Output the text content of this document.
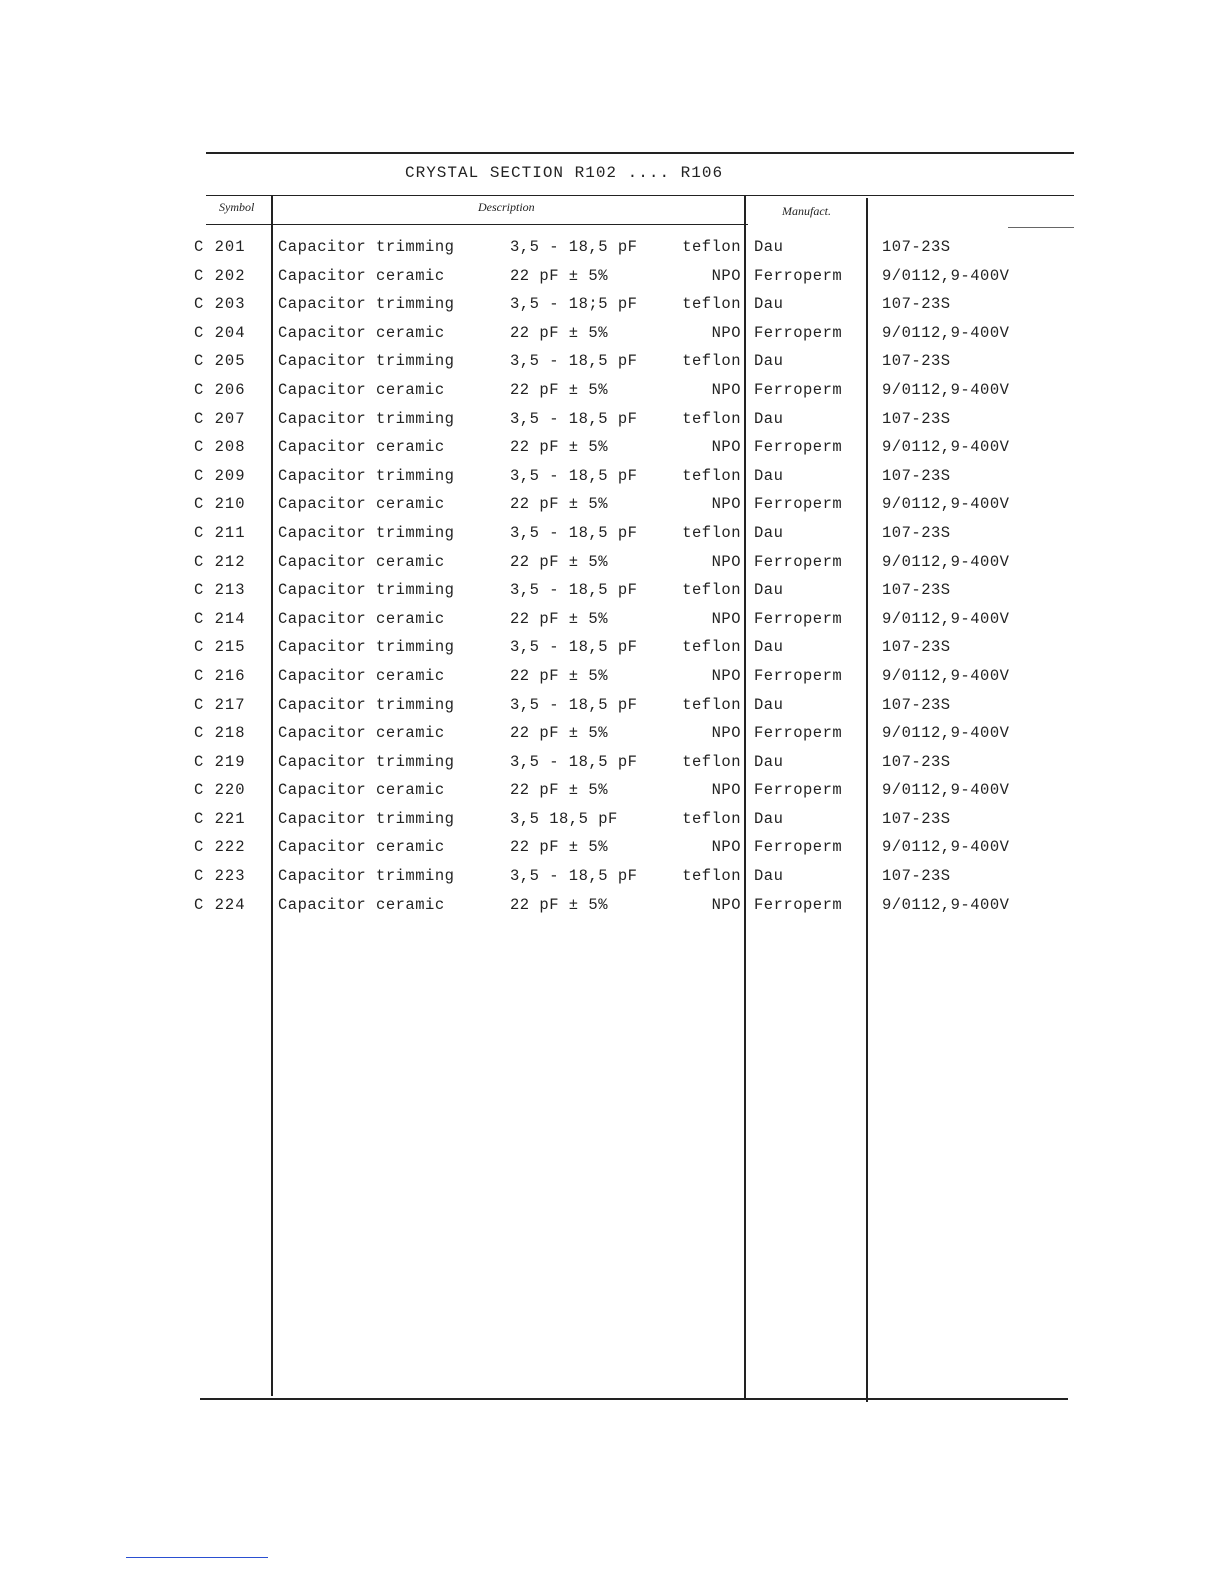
CRYSTAL SECTION R102 .... R106
Symbol	Description	Manufact.
C 201 Capacitor trimming	3,5 - 18,5 pF	teflon Dau	107-23S
C 202 Capacitor ceramic	22 pF ± 5%	NPO Ferroperm	9/0112,9-400V
C 203 Capacitor trimming	3,5 - 18;5 pF	teflon Dau	107-23S
C 204 Capacitor ceramic	22 pF ± 5%	NPO Ferroperm	9/0112,9-400V
C 205 Capacitor trimming	3,5 - 18,5 pF	teflon Dau	107-23S
C 206 Capacitor ceramic	22 pF ± 5%	NPO Ferroperm	9/0112,9-400V
C 207 Capacitor trimming	3,5 - 18,5 pF	teflon Dau	107-23S
C 208 Capacitor ceramic	22 pF ± 5%	NPO Ferroperm	9/0112,9-400V
C 209 Capacitor trimming	3,5 - 18,5 pF	teflon Dau	107-23S
C 210 Capacitor ceramic	22 pF ± 5%	NPO Ferroperm	9/0112,9-400V
C 211 Capacitor trimming	3,5 - 18,5 pF	teflon Dau	107-23S
C 212 Capacitor ceramic	22 pF ± 5%	NPO Ferroperm	9/0112,9-400V
C 213 Capacitor trimming	3,5 - 18,5 pF	teflon Dau	107-23S
C 214 Capacitor ceramic	22 pF ± 5%	NPO Ferroperm	9/0112,9-400V
C 215 Capacitor trimming	3,5 - 18,5 pF	teflon Dau	107-23S
C 216 Capacitor ceramic	22 pF ± 5%	NPO Ferroperm	9/0112,9-400V
C 217 Capacitor trimming	3,5 - 18,5 pF	teflon Dau	107-23S
C 218 Capacitor ceramic	22 pF ± 5%	NPO Ferroperm	9/0112,9-400V
C 219 Capacitor trimming	3,5 - 18,5 pF	teflon Dau	107-23S
C 220 Capacitor ceramic	22 pF ± 5%	NPO Ferroperm	9/0112,9-400V
C 221 Capacitor trimming	3,5 18,5 pF	teflon Dau	107-23S
C 222 Capacitor ceramic	22 pF ± 5%	NPO Ferroperm	9/0112,9-400V
C 223 Capacitor trimming	3,5 - 18,5 pF	teflon Dau	107-23S
C 224 Capacitor ceramic	22 pF ± 5%	NPO Ferroperm	9/0112,9-400V
